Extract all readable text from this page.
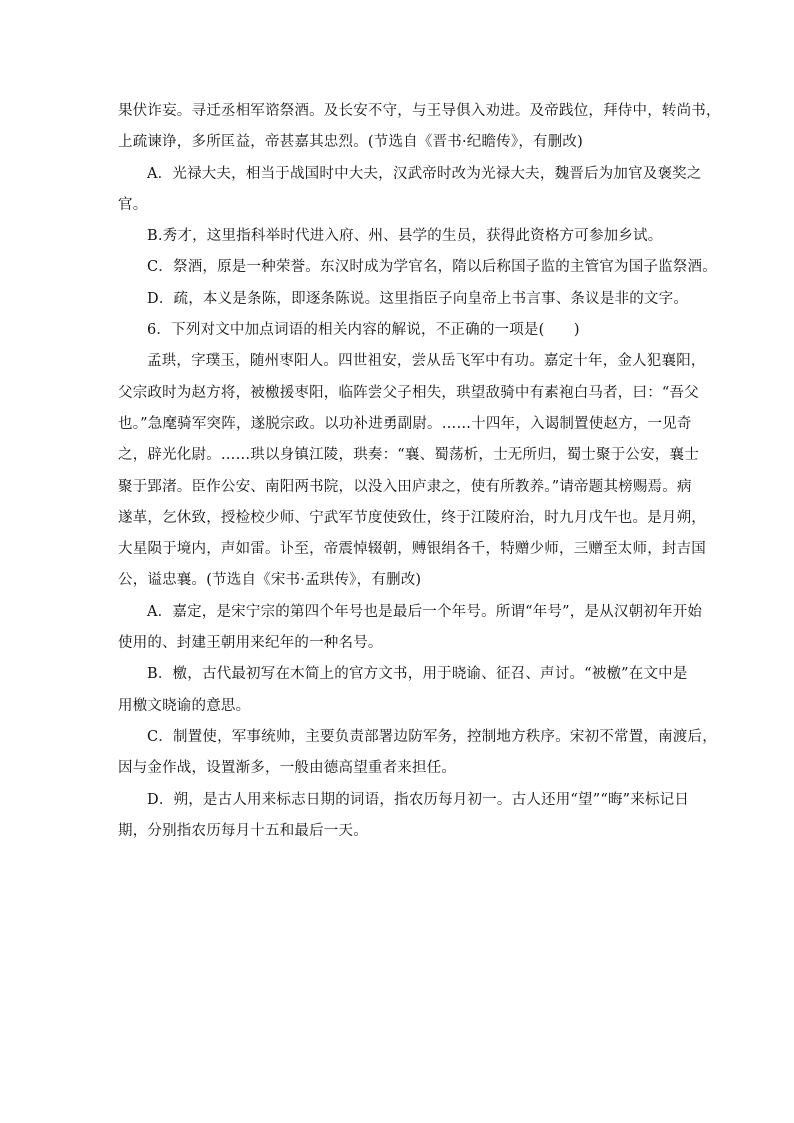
果伏诈妄。寻迁丞相军谘祭酒。及长安不守，与王导俱入劝进。及帝践位，拜侍中，转尚书，
上疏谏诤，多所匡益，帝甚嘉其忠烈。(节选自《晋书·纪瞻传》，有删改)
A．光禄大夫，相当于战国时中大夫，汉武帝时改为光禄大夫，魏晋后为加官及褒奖之
官。
B.秀才，这里指科举时代进入府、州、县学的生员，获得此资格方可参加乡试。
C．祭酒，原是一种荣誉。东汉时成为学官名，隋以后称国子监的主管官为国子监祭酒。
D．疏，本义是条陈，即逐条陈说。这里指臣子向皇帝上书言事、条议是非的文字。
6．下列对文中加点词语的相关内容的解说，不正确的一项是(　　)
孟珙，字璞玉，随州枣阳人。四世祖安，尝从岳飞军中有功。嘉定十年，金人犯襄阳，
父宗政时为赵方将，被檄援枣阳，临阵尝父子相失，珙望敌骑中有素袍白马者，曰：“吾父
也。”急麾骑军突阵，遂脱宗政。以功补进勇副尉。……十四年，入谒制置使赵方，一见奇
之，辟光化尉。……珙以身镇江陵，珙奏：“襄、蜀荡析，士无所归，蜀士聚于公安，襄士
聚于郢渚。臣作公安、南阳两书院，以没入田庐隶之，使有所教养。”请帝题其榜赐焉。病
遂革，乞休致，授检校少师、宁武军节度使致仕，终于江陵府治，时九月戊午也。是月朔，
大星陨于境内，声如雷。讣至，帝震悼辍朝，赙银绢各千，特赠少师，三赠至太师，封吉国
公，谥忠襄。(节选自《宋书·孟珙传》，有删改)
A．嘉定，是宋宁宗的第四个年号也是最后一个年号。所谓“年号”，是从汉朝初年开始
使用的、封建王朝用来纪年的一种名号。
B．檄，古代最初写在木简上的官方文书，用于晓谕、征召、声讨。“被檄”在文中是
用檄文晓谕的意思。
C．制置使，军事统帅，主要负责部署边防军务，控制地方秩序。宋初不常置，南渡后，
因与金作战，设置渐多，一般由德高望重者来担任。
D．朔，是古人用来标志日期的词语，指农历每月初一。古人还用“望”“晦”来标记日
期，分别指农历每月十五和最后一天。
